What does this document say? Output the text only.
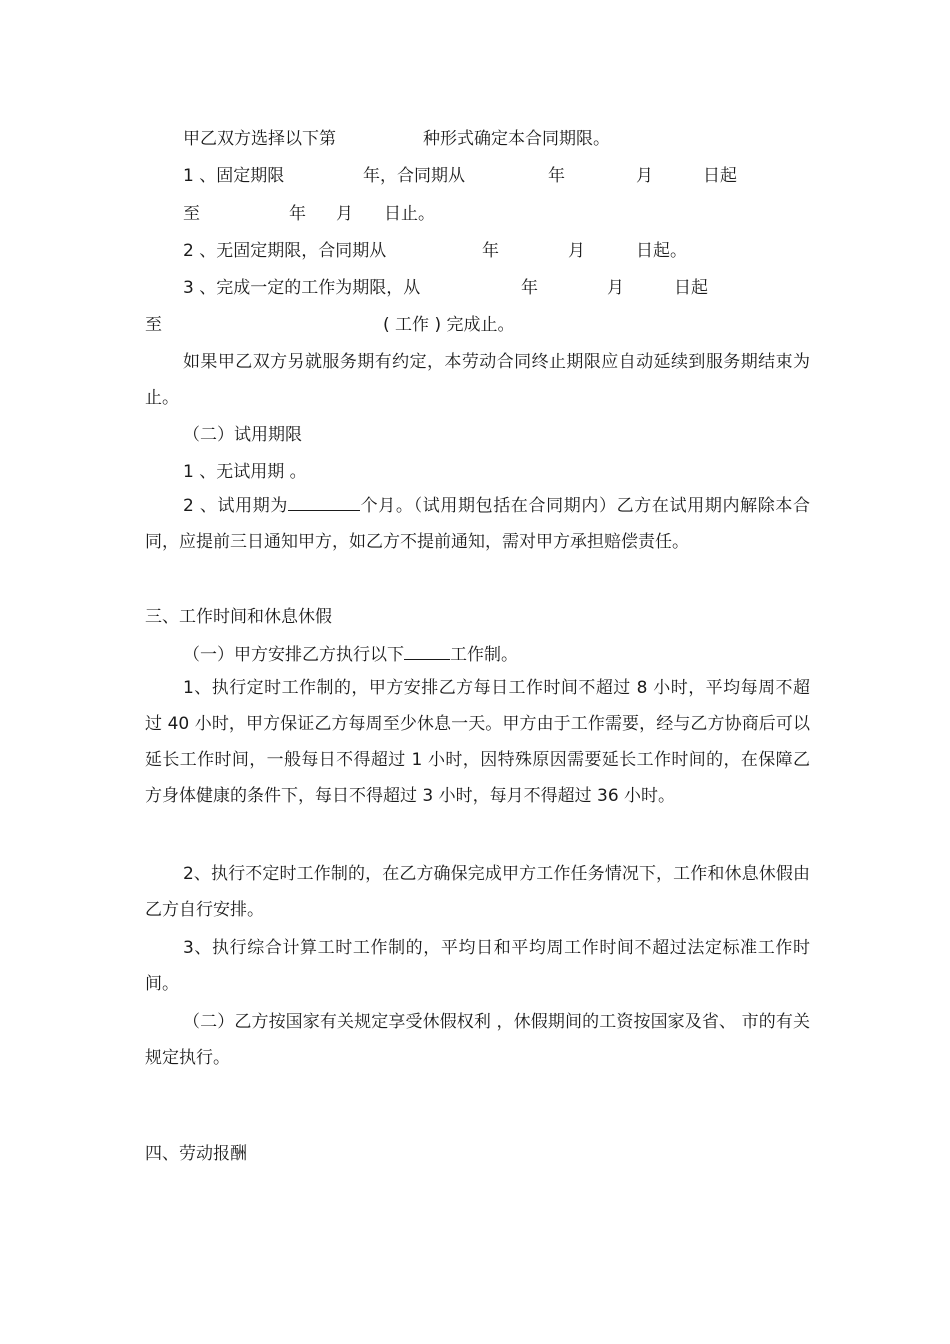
甲乙双方选择以下第	种形式确定本合同期限。
1 、固定期限	年，合同期从	年	月	日起
至	年 月 日止。
2 、无固定期限，合同期从	年	月	日起。
3 、完成一定的工作为期限，从	年	月	日起
至	( 工作 ) 完成止。
如果甲乙双方另就服务期有约定，本劳动合同终止期限应自动延续到服务期结束为止。
（二）试用期限
1 、无试用期 。
2 、试用期为	个月。（试用期包括在合同期内）乙方在试用期内解除本合同，应提前三日通知甲方，如乙方不提前通知，需对甲方承担赔偿责任。
三、工作时间和休息休假
（一）甲方安排乙方执行以下	工作制。
1、执行定时工作制的，甲方安排乙方每日工作时间不超过 8 小时，平均每周不超过 40 小时，甲方保证乙方每周至少休息一天。甲方由于工作需要，经与乙方协商后可以延长工作时间，一般每日不得超过 1 小时，因特殊原因需要延长工作时间的，在保障乙方身体健康的条件下，每日不得超过 3 小时，每月不得超过 36 小时。
2、执行不定时工作制的，在乙方确保完成甲方工作任务情况下，工作和休息休假由乙方自行安排。
3、执行综合计算工时工作制的，平均日和平均周工作时间不超过法定标准工作时间。
（二）乙方按国家有关规定享受休假权利 ，休假期间的工资按国家及省、 市的有关规定执行。
四、劳动报酬
